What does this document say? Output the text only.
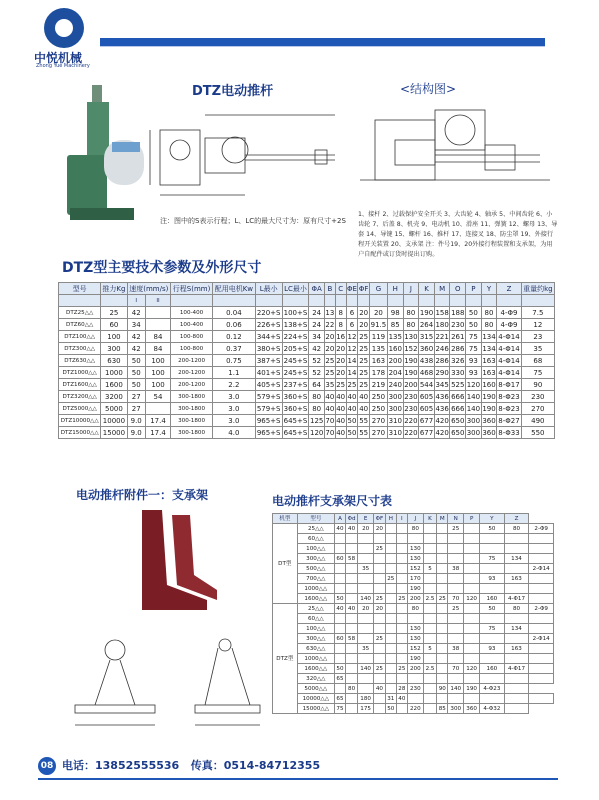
中悦机械
Zhong Yue Machinery
DTZ电动推杆	<结构图>
注：图中的S表示行程；L、LC的最大尺寸为：原有尺寸+2S
1、接杆 2、过载保护安全开关 3、大齿轮 4、轴承 5、中间齿轮 6、小齿轮 7、后盖 8、机壳 9、电动机 10、滑座 11、弹簧 12、螺母 13、导套 14、导键 15、螺杆 16、推杆 17、连接叉 18、防尘罩 19、外接行程开关装置 20、支承架 注：件号19、20外接行程装置和支承架，为用户自配件或订货时提出订购。
DTZ型主要技术参数及外形尺寸
型号	推力Kg	速度(mm/s)		行程S(mm)	配用电机Kw	L最小	LC最小	ΦA	B	C	ΦE	ΦF	G	H	J	K	M	O	P	Y	Z	重量约kg
		I	II																			
DTZ25△△	25	42		100-400	0.04	220+S	100+S	24	13	8	6	20	20	98	80	190	158	188	50	80	4-Φ9	7.5
DTZ60△△	60	34		100-400	0.06	226+S	138+S	24	22	8	6	20	91.5	85	80	264	180	230	50	80	4-Φ9	12
DTZ100△△	100	42	84	100-800	0.12	344+S	224+S	34	20	16	12	25	119	135	130	315	221	261	75	134	4-Φ14	23
DTZ300△△	300	42	84	100-800	0.37	380+S	205+S	42	20	20	12	25	135	160	152	360	246	286	75	134	4-Φ14	35
DTZ630△△	630	50	100	200-1200	0.75	387+S	245+S	52	25	20	14	25	163	200	190	438	286	326	93	163	4-Φ14	68
DTZ1000△△	1000	50	100	200-1200	1.1	401+S	245+S	52	25	20	14	25	178	204	190	468	290	330	93	163	4-Φ14	75
DTZ1600△△	1600	50	100	200-1200	2.2	405+S	237+S	64	35	25	25	25	219	240	200	544	345	525	120	160	8-Φ17	90
DTZ3200△△	3200	27	54	300-1800	3.0	579+S	360+S	80	40	40	40	40	250	300	230	605	436	666	140	190	8-Φ23	230
DTZ5000△△	5000	27		300-1800	3.0	579+S	360+S	80	40	40	40	40	250	300	230	605	436	666	140	190	8-Φ23	270
DTZ10000△△	10000	9.0	17.4	300-1800	3.0	965+S	645+S	125	70	40	50	55	270	310	220	677	420	650	300	360	8-Φ27	490
DTZ15000△△	15000	9.0	17.4	300-1800	4.0	965+S	645+S	120	70	40	50	55	270	310	220	677	420	650	300	360	8-Φ33	550
电动推杆附件一：支承架	电动推杆支承架尺寸表
机型	型号	A	Φd	E	ΦF	H	I	J	K	M	N	P	Y	Z	
DT型	25△△	40	40	20	20			80			25		50	80	2-Φ9
	60△△														
	100△△				25			130							
	300△△	60	58					130					75	134	
	500△△			35				152	5		38				2-Φ14
	700△△					25		170					93	163	
	1000△△							190							
	1600△△	50		140	25		25	200	2.5	25	70	120	160	4-Φ17	
DTZ型	25△△	40	40	20	20			80			25		50	80	2-Φ9
	60△△														
	100△△							130					75	134	
	300△△	60	58		25			130							2-Φ14
	630△△			35				152	5		38		93	163	
	1000△△							190							
	1600△△	50		140	25		25	200	2.5		70	120	160	4-Φ17	
	320△△	65													
	5000△△		80		40		28	230		90	140	190	4-Φ23		
	10000△△	65		180		31	40								
	15000△△	75		175		50		220		85	300	360	4-Φ32		
08 电话：13852555536 传真：0514-84712355
